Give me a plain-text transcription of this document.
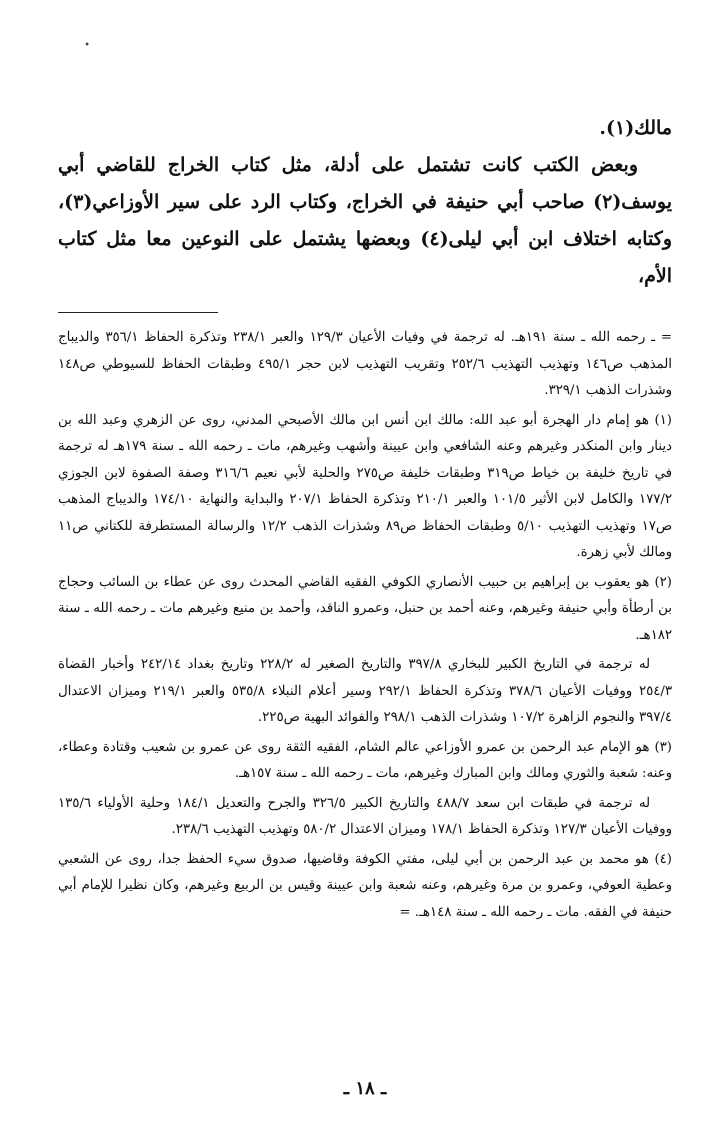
•

مالك(١).

وبعض الكتب كانت تشتمل على أدلة، مثل كتاب الخراج للقاضي أبي يوسف(٢) صاحب أبي حنيفة في الخراج، وكتاب الرد على سير الأوزاعي(٣)، وكتابه اختلاف ابن أبي ليلى(٤) وبعضها يشتمل على النوعين معا مثل كتاب الأم،

= ـ رحمه الله ـ سنة ١٩١هـ. له ترجمة في وفيات الأعيان ١٢٩/٣ والعبر ٢٣٨/١ وتذكرة الحفاظ ٣٥٦/١ والديباج المذهب ص١٤٦ وتهذيب التهذيب ٢٥٢/٦ وتقريب التهذيب لابن حجر ٤٩٥/١ وطبقات الحفاظ للسيوطي ص١٤٨ وشذرات الذهب ٣٢٩/١.

(١) هو إمام دار الهجرة أبو عبد الله: مالك ابن أنس ابن مالك الأصبحي المدني، روى عن الزهري وعبد الله بن دينار وابن المنكدر وغيرهم وعنه الشافعي وابن عيينة وأشهب وغيرهم، مات ـ رحمه الله ـ سنة ١٧٩هـ له ترجمة في تاريخ خليفة بن خياط ص٣١٩ وطبقات خليفة ص٢٧٥ والحلية لأبي نعيم ٣١٦/٦ وصفة الصفوة لابن الجوزي ١٧٧/٢ والكامل لابن الأثير ١٠١/٥ والعبر ٢١٠/١ وتذكرة الحفاظ ٢٠٧/١ والبداية والنهاية ١٧٤/١٠ والديباج المذهب ص١٧ وتهذيب التهذيب ٥/١٠ وطبقات الحفاظ ص٨٩ وشذرات الذهب ١٢/٢ والرسالة المستطرفة للكتاني ص١١ ومالك لأبي زهرة.

(٢) هو يعقوب بن إبراهيم بن حبيب الأنصاري الكوفي الفقيه القاضي المحدث روى عن عطاء بن السائب وحجاج بن أرطأة وأبي حنيفة وغيرهم، وعنه أحمد بن حنبل، وعمرو الناقد، وأحمد بن منيع وغيرهم مات ـ رحمه الله ـ سنة ١٨٢هـ.

له ترجمة في التاريخ الكبير للبخاري ٣٩٧/٨ والتاريخ الصغير له ٢٢٨/٢ وتاريخ بغداد ٢٤٢/١٤ وأخبار القضاة ٢٥٤/٣ ووفيات الأعيان ٣٧٨/٦ وتذكرة الحفاظ ٢٩٢/١ وسير أعلام النبلاء ٥٣٥/٨ والعبر ٢١٩/١ وميزان الاعتدال ٣٩٧/٤ والنجوم الزاهرة ١٠٧/٢ وشذرات الذهب ٢٩٨/١ والفوائد البهية ص٢٢٥.

(٣) هو الإمام عبد الرحمن بن عمرو الأوزاعي عالم الشام، الفقيه الثقة روى عن عمرو بن شعيب وقتادة وعطاء، وعنه: شعبة والثوري ومالك وابن المبارك وغيرهم، مات ـ رحمه الله ـ سنة ١٥٧هـ.

له ترجمة في طبقات ابن سعد ٤٨٨/٧ والتاريخ الكبير ٣٢٦/٥ والجرح والتعديل ١٨٤/١ وحلية الأولياء ١٣٥/٦ ووفيات الأعيان ١٢٧/٣ وتذكرة الحفاظ ١٧٨/١ وميزان الاعتدال ٥٨٠/٢ وتهذيب التهذيب ٢٣٨/٦.

(٤) هو محمد بن عبد الرحمن بن أبي ليلى، مفتي الكوفة وقاضيها، صدوق سيء الحفظ جدا، روى عن الشعبي وعطية العوفي، وعمرو بن مرة وغيرهم، وعنه شعبة وابن عيينة وقيس بن الربيع وغيرهم، وكان نظيرا للإمام أبي حنيفة في الفقه. مات ـ رحمه الله ـ سنة ١٤٨هـ. =

ـ ١٨ ـ
